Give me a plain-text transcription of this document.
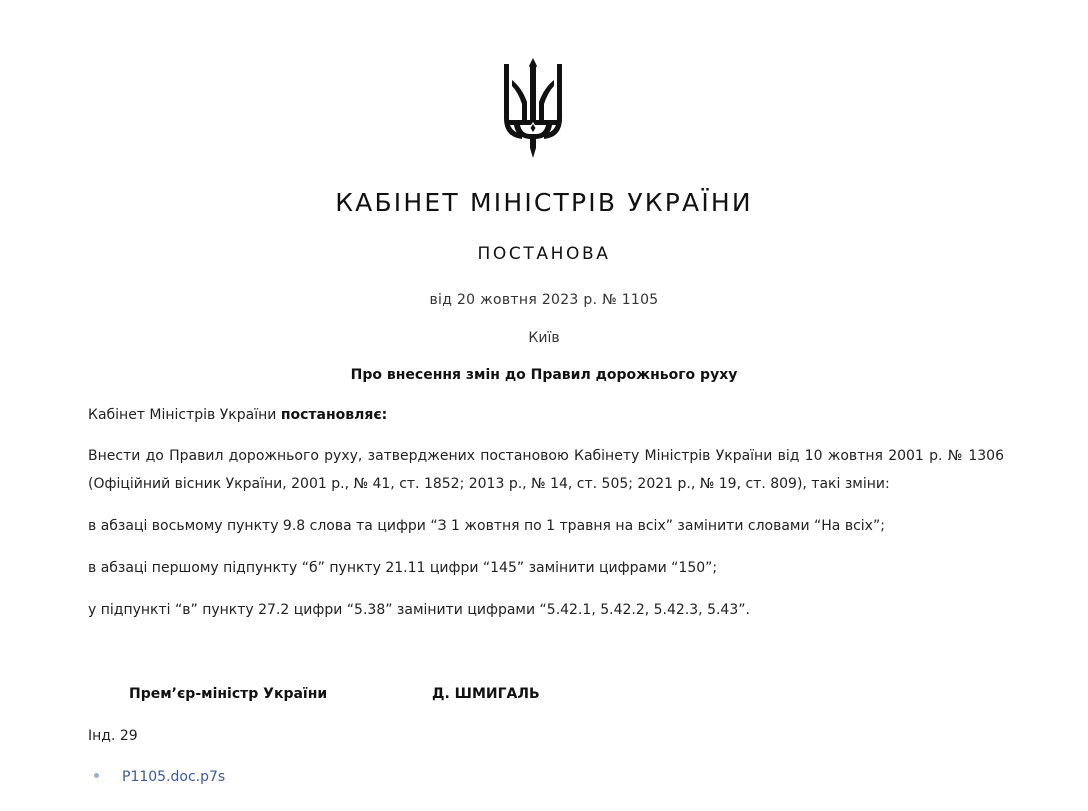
КАБІНЕТ МІНІСТРІВ УКРАЇНИ
ПОСТАНОВА
від 20 жовтня 2023 р. № 1105
Київ
Про внесення змін до Правил дорожнього руху
Кабінет Міністрів України постановляє:
Внести до Правил дорожнього руху, затверджених постановою Кабінету Міністрів України від 10 жовтня 2001 р. № 1306 (Офіційний вісник України, 2001 р., № 41, ст. 1852; 2013 р., № 14, ст. 505; 2021 р., № 19, ст. 809), такі зміни:
в абзаці восьмому пункту 9.8 слова та цифри “З 1 жовтня по 1 травня на всіх” замінити словами “На всіх”;
в абзаці першому підпункту “б” пункту 21.11 цифри “145” замінити цифрами “150”;
у підпункті “в” пункту 27.2 цифри “5.38” замінити цифрами “5.42.1, 5.42.2, 5.42.3, 5.43”.
Прем’єр-міністр України	Д. ШМИГАЛЬ
Інд. 29
P1105.doc.p7s
